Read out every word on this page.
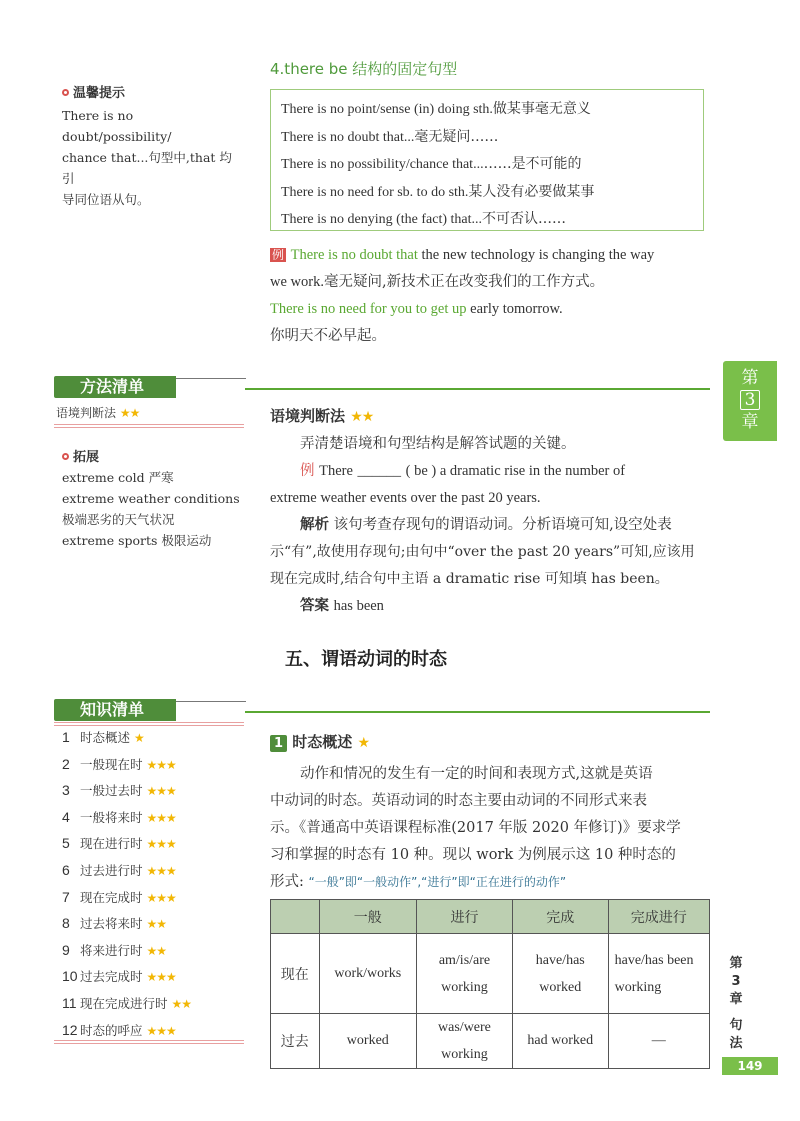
4.there be 结构的固定句型
温馨提示
There is no doubt/possibility/
chance that...句型中,that 均引
导同位语从句。
There is no point/sense (in) doing sth.做某事毫无意义
There is no doubt that...毫无疑问……
There is no possibility/chance that...……是不可能的
There is no need for sb. to do sth.某人没有必要做某事
There is no denying (the fact) that...不可否认……
例 There is no doubt that the new technology is changing the way
we work.毫无疑问,新技术正在改变我们的工作方式。
There is no need for you to get up early tomorrow.
你明天不必早起。
方法清单
语境判断法 ★★
拓展
extreme cold 严寒
extreme weather conditions
极端恶劣的天气状况
extreme sports 极限运动
语境判断法 ★★
弄清楚语境和句型结构是解答试题的关键。
例 There ______ ( be ) a dramatic rise in the number of
extreme weather events over the past 20 years.
解析 该句考查存现句的谓语动词。分析语境可知,设空处表
示“有”,故使用存现句;由句中“over the past 20 years”可知,应该用
现在完成时,结合句中主语 a dramatic rise 可知填 has been。
答案 has been
第
3
章
五、谓语动词的时态
知识清单
1 时态概述 ★
2 一般现在时 ★★★
3 一般过去时 ★★★
4 一般将来时 ★★★
5 现在进行时 ★★★
6 过去进行时 ★★★
7 现在完成时 ★★★
8 过去将来时 ★★
9 将来进行时 ★★
10 过去完成时 ★★★
11 现在完成进行时 ★★
12 时态的呼应 ★★★
1 时态概述 ★
动作和情况的发生有一定的时间和表现方式,这就是英语
中动词的时态。英语动词的时态主要由动词的不同形式来表
示。《普通高中英语课程标准(2017 年版 2020 年修订)》要求学
习和掌握的时态有 10 种。现以 work 为例展示这 10 种时态的
形式: “一般”即“一般动作”,“进行”即“正在进行的动作”
	一般	进行	完成	完成进行
现在	work/works	am/is/are working	have/has worked	have/has been working
过去	worked	was/were working	had worked	—
第
3
章
句
法
149
